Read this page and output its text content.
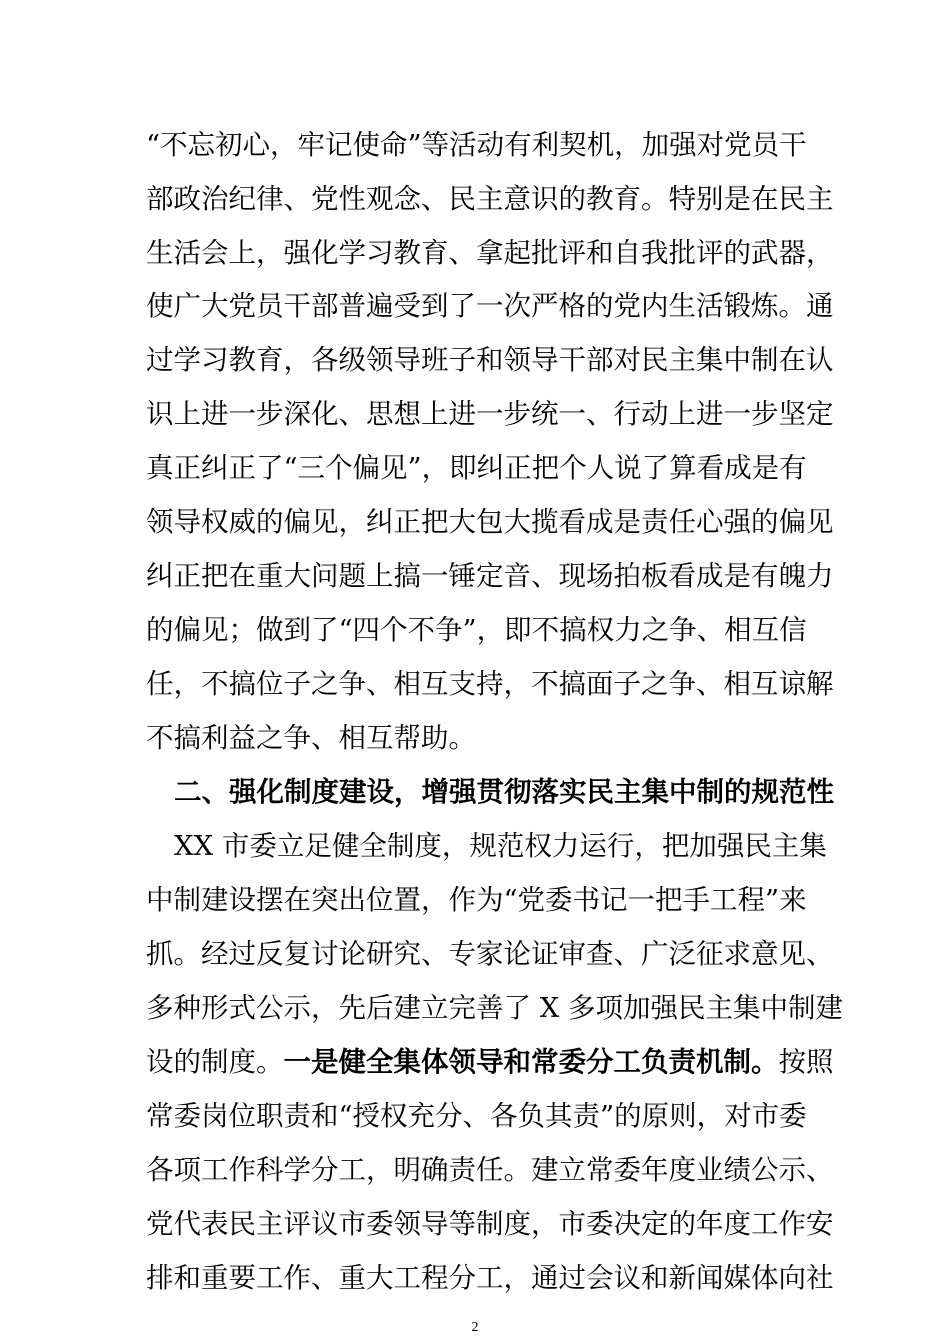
“不忘初心，牢记使命”等活动有利契机，加强对党员干
部政治纪律、党性观念、民主意识的教育。特别是在民主
生活会上，强化学习教育、拿起批评和自我批评的武器，
使广大党员干部普遍受到了一次严格的党内生活锻炼。通
过学习教育，各级领导班子和领导干部对民主集中制在认
识上进一步深化、思想上进一步统一、行动上进一步坚定
真正纠正了“三个偏见”，即纠正把个人说了算看成是有
领导权威的偏见，纠正把大包大揽看成是责任心强的偏见
纠正把在重大问题上搞一锤定音、现场拍板看成是有魄力
的偏见；做到了“四个不争”，即不搞权力之争、相互信
任，不搞位子之争、相互支持，不搞面子之争、相互谅解
不搞利益之争、相互帮助。
二、强化制度建设，增强贯彻落实民主集中制的规范性
XX 市委立足健全制度，规范权力运行，把加强民主集
中制建设摆在突出位置，作为“党委书记一把手工程”来
抓。经过反复讨论研究、专家论证审查、广泛征求意见、
多种形式公示，先后建立完善了 X 多项加强民主集中制建
设的制度。一是健全集体领导和常委分工负责机制。按照
常委岗位职责和“授权充分、各负其责”的原则，对市委
各项工作科学分工，明确责任。建立常委年度业绩公示、
党代表民主评议市委领导等制度，市委决定的年度工作安
排和重要工作、重大工程分工，通过会议和新闻媒体向社
2
